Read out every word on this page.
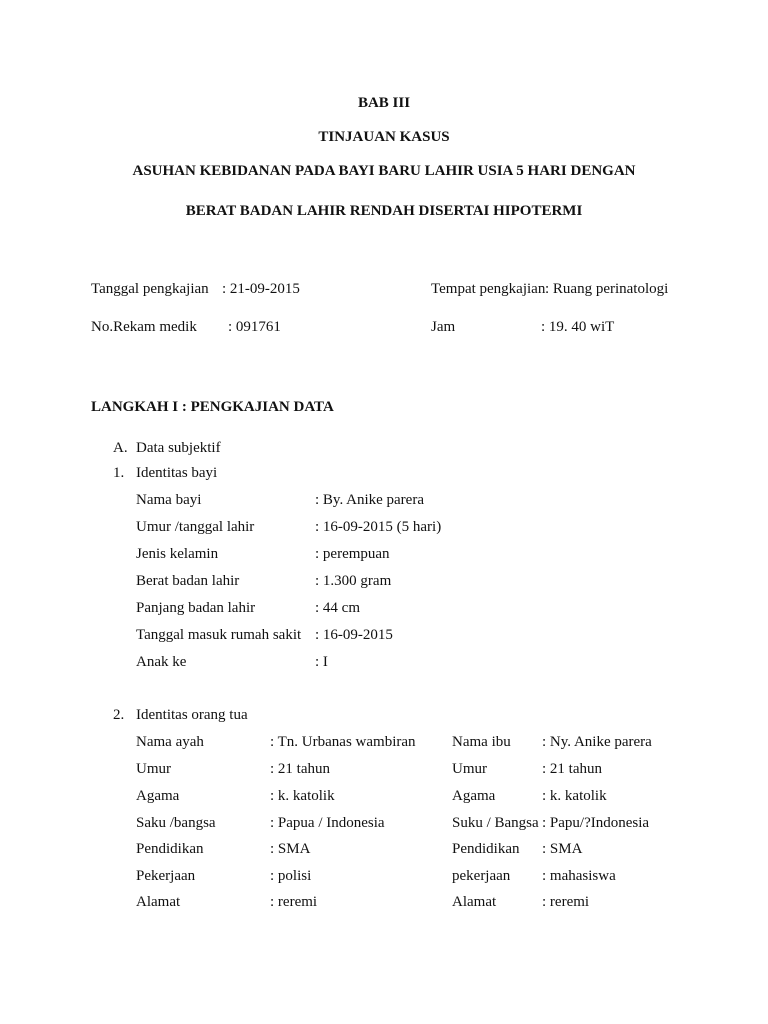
BAB III
TINJAUAN KASUS
ASUHAN KEBIDANAN PADA BAYI BARU LAHIR USIA 5 HARI DENGAN
BERAT BADAN LAHIR RENDAH DISERTAI HIPOTERMI
Tanggal pengkajian : 21-09-2015	Tempat pengkajian : Ruang perinatologi
No.Rekam medik : 091761	Jam	: 19. 40 wiT
LANGKAH I : PENGKAJIAN DATA
A. Data subjektif
1. Identitas bayi
Nama bayi	: By. Anike parera
Umur /tanggal lahir	: 16-09-2015 (5 hari)
Jenis kelamin	: perempuan
Berat badan lahir	: 1.300 gram
Panjang badan lahir	: 44 cm
Tanggal masuk rumah sakit : 16-09-2015
Anak ke	: I
2. Identitas orang tua
Nama ayah	: Tn. Urbanas wambiran Nama ibu : Ny. Anike parera
Umur	: 21 tahun	Umur	: 21 tahun
Agama	: k. katolik	Agama	: k. katolik
Saku /bangsa	: Papua / Indonesia	Suku / Bangsa : Papu/?Indonesia
Pendidikan	: SMA	Pendidikan : SMA
Pekerjaan	: polisi	pekerjaan : mahasiswa
Alamat	: reremi	Alamat	: reremi
